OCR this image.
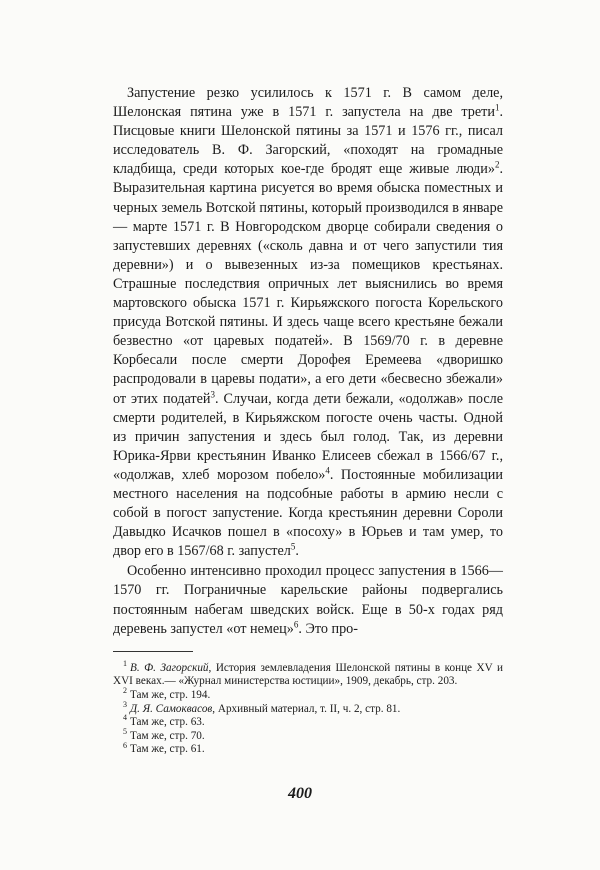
Запустение резко усилилось к 1571 г. В самом деле, Шелонская пятина уже в 1571 г. запустела на две трети$^1$. Писцовые книги Шелонской пятины за 1571 и 1576 гг., писал исследователь В. Ф. Загорский, «походят на громадные кладбища, среди которых кое-где бродят еще живые люди»$^2$. Выразительная картина рисуется во время обыска поместных и черных земель Вотской пятины, который производился в январе — марте 1571 г. В Новгородском дворце собирали сведения о запустевших деревнях («сколь давна и от чего запустили тия деревни») и о вывезенных из-за помещиков крестьянах. Страшные последствия опричных лет выяснились во время мартовского обыска 1571 г. Кирьяжского погоста Корельского присуда Вотской пятины. И здесь чаще всего крестьяне бежали безвестно «от царевых податей». В 1569/70 г. в деревне Корбесали после смерти Дорофея Еремеева «дворишко распродовали в царевы подати», а его дети «бесвесно збежали» от этих податей$^3$. Случаи, когда дети бежали, «одолжав» после смерти родителей, в Кирьяжском погосте очень часты. Одной из причин запустения и здесь был голод. Так, из деревни Юрика-Ярви крестьянин Иванко Елисеев сбежал в 1566/67 г., «одолжав, хлеб морозом побело»$^4$. Постоянные мобилизации местного населения на подсобные работы в армию несли с собой в погост запустение. Когда крестьянин деревни Сороли Давыдко Исачков пошел в «посоху» в Юрьев и там умер, то двор его в 1567/68 г. запустел$^5$.

Особенно интенсивно проходил процесс запустения в 1566—1570 гг. Пограничные карельские районы подвергались постоянным набегам шведских войск. Еще в 50-х годах ряд деревень запустел «от немец»$^6$. Это про-

$^1$ В. Ф. Загорский, История землевладения Шелонской пятины в конце XV и XVI веках.— «Журнал министерства юстиции», 1909, декабрь, стр. 203.

$^2$ Там же, стр. 194.

$^3$ Д. Я. Самоквасов, Архивный материал, т. II, ч. 2, стр. 81.

$^4$ Там же, стр. 63.

$^5$ Там же, стр. 70.

$^6$ Там же, стр. 61.

400
